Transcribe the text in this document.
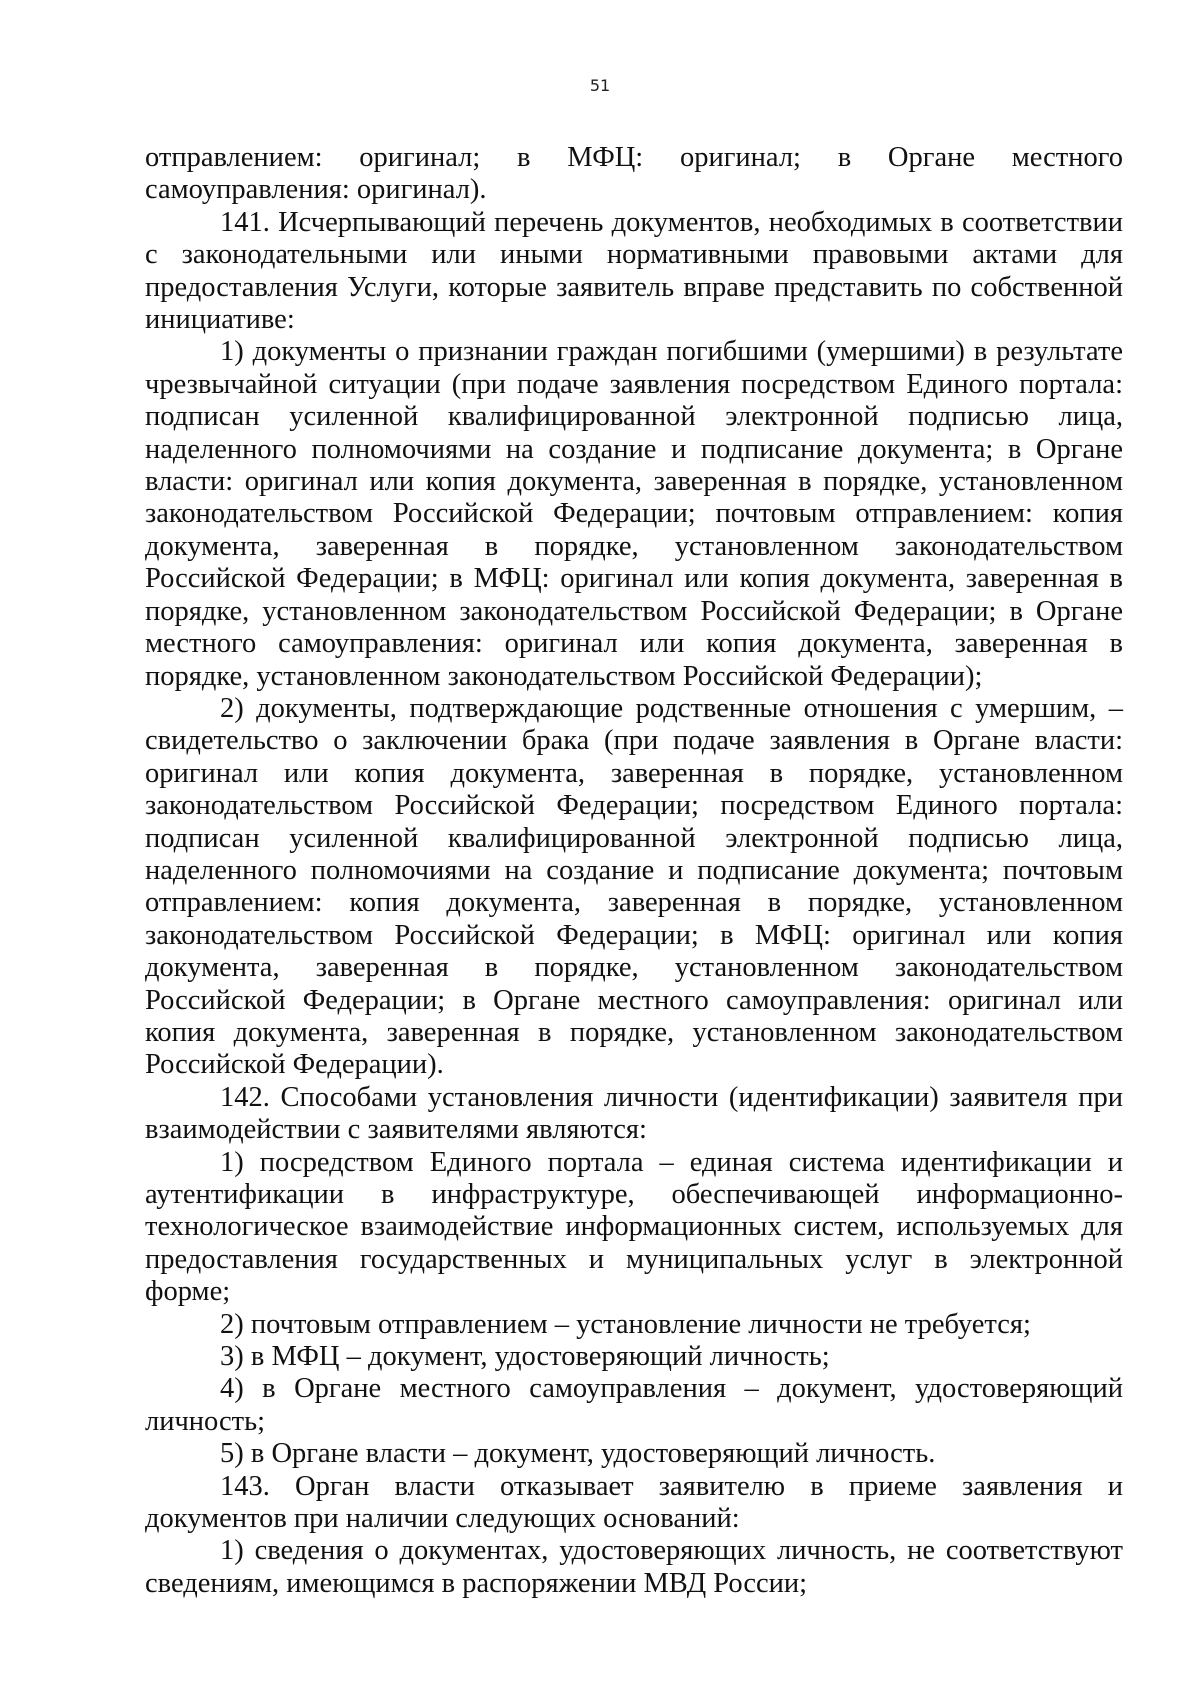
51

отправлением: оригинал; в МФЦ: оригинал; в Органе местного самоуправления: оригинал).

141. Исчерпывающий перечень документов, необходимых в соответствии с законодательными или иными нормативными правовыми актами для предоставления Услуги, которые заявитель вправе представить по собственной инициативе:

1) документы о признании граждан погибшими (умершими) в результате чрезвычайной ситуации (при подаче заявления посредством Единого портала: подписан усиленной квалифицированной электронной подписью лица, наделенного полномочиями на создание и подписание документа; в Органе власти: оригинал или копия документа, заверенная в порядке, установленном законодательством Российской Федерации; почтовым отправлением: копия документа, заверенная в порядке, установленном законодательством Российской Федерации; в МФЦ: оригинал или копия документа, заверенная в порядке, установленном законодательством Российской Федерации; в Органе местного самоуправления: оригинал или копия документа, заверенная в порядке, установленном законодательством Российской Федерации);

2) документы, подтверждающие родственные отношения с умершим, – свидетельство о заключении брака (при подаче заявления в Органе власти: оригинал или копия документа, заверенная в порядке, установленном законодательством Российской Федерации; посредством Единого портала: подписан усиленной квалифицированной электронной подписью лица, наделенного полномочиями на создание и подписание документа; почтовым отправлением: копия документа, заверенная в порядке, установленном законодательством Российской Федерации; в МФЦ: оригинал или копия документа, заверенная в порядке, установленном законодательством Российской Федерации; в Органе местного самоуправления: оригинал или копия документа, заверенная в порядке, установленном законодательством Российской Федерации).

142. Способами установления личности (идентификации) заявителя при взаимодействии с заявителями являются:

1) посредством Единого портала – единая система идентификации и аутентификации в инфраструктуре, обеспечивающей информационно-технологическое взаимодействие информационных систем, используемых для предоставления государственных и муниципальных услуг в электронной форме;

2) почтовым отправлением – установление личности не требуется;

3) в МФЦ – документ, удостоверяющий личность;

4) в Органе местного самоуправления – документ, удостоверяющий личность;

5) в Органе власти – документ, удостоверяющий личность.

143. Орган власти отказывает заявителю в приеме заявления и документов при наличии следующих оснований:

1) сведения о документах, удостоверяющих личность, не соответствуют сведениям, имеющимся в распоряжении МВД России;
